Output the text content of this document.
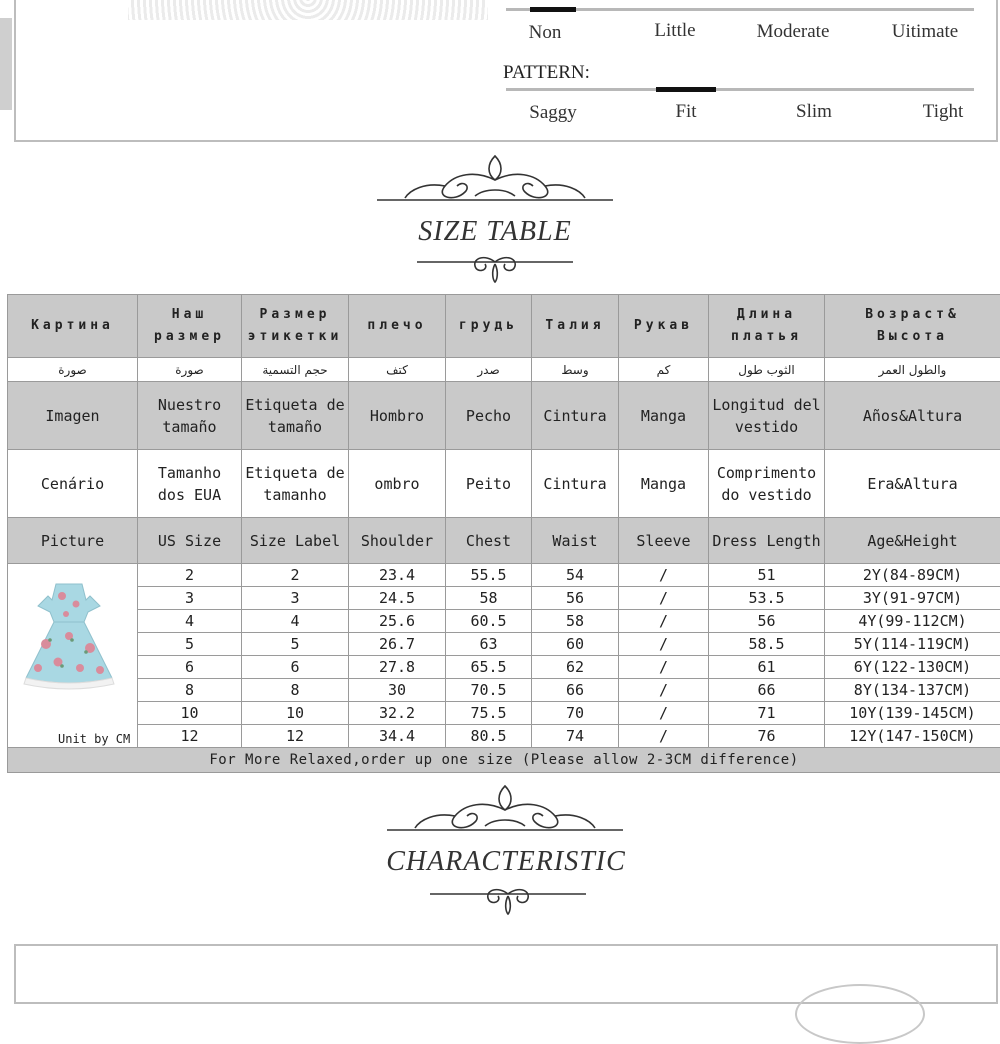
Non	Little	Moderate	Uitimate
PATTERN:
Saggy	Fit	Slim	Tight
SIZE TABLE
Картина	Наш размер	Размер этикетки	плечо	грудь	Талия	Рукав	Длина платья	Возраст& Высота
صورة	صورة	حجم التسمية	كتف	صدر	وسط	كم	الثوب طول	والطول العمر
Imagen	Nuestro tamaño	Etiqueta de tamaño	Hombro	Pecho	Cintura	Manga	Longitud del vestido	Años&Altura
Cenário	Tamanho dos EUA	Etiqueta de tamanho	ombro	Peito	Cintura	Manga	Comprimento do vestido	Era&Altura
Picture	US Size	Size Label	Shoulder	Chest	Waist	Sleeve	Dress Length	Age&Height

Unit by CM	2	2	23.4	55.5	54	/	51	2Y(84-89CM)
	3	3	24.5	58	56	/	53.5	3Y(91-97CM)
	4	4	25.6	60.5	58	/	56	4Y(99-112CM)
	5	5	26.7	63	60	/	58.5	5Y(114-119CM)
	6	6	27.8	65.5	62	/	61	6Y(122-130CM)
	8	8	30	70.5	66	/	66	8Y(134-137CM)
	10	10	32.2	75.5	70	/	71	10Y(139-145CM)
	12	12	34.4	80.5	74	/	76	12Y(147-150CM)
For More Relaxed,order up one size (Please allow 2-3CM difference)								
CHARACTERISTIC
